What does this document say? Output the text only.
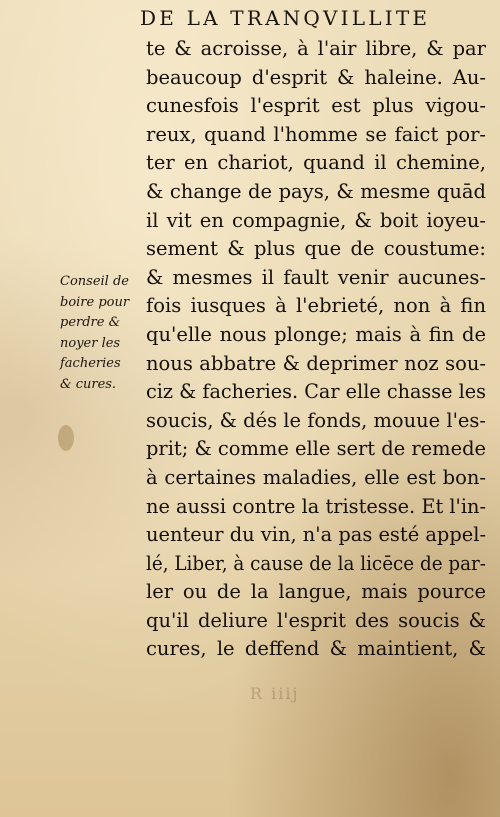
DE LA TRANQVILLITE
Conseil de
boire pour
perdre &
noyer les
facheries
& cures.
te & acroisse, à l'air libre, & par
beaucoup d'esprit & haleine. Au-
cunesfois l'esprit est plus vigou-
reux, quand l'homme se faict por-
ter en chariot, quand il chemine,
& change de pays, & mesme quād
il vit en compagnie, & boit ioyeu-
sement & plus que de coustume:
& mesmes il fault venir aucunes-
fois iusques à l'ebrieté, non à fin
qu'elle nous plonge; mais à fin de
nous abbatre & deprimer noz sou-
ciz & facheries. Car elle chasse les
soucis, & dés le fonds, mouue l'es-
prit; & comme elle sert de remede
à certaines maladies, elle est bon-
ne aussi contre la tristesse. Et l'in-
uenteur du vin, n'a pas esté appel-
lé, Liber, à cause de la licēce de par-
ler ou de la langue, mais pource
qu'il deliure l'esprit des soucis &
cures, le deffend & maintient, &
R iiij
